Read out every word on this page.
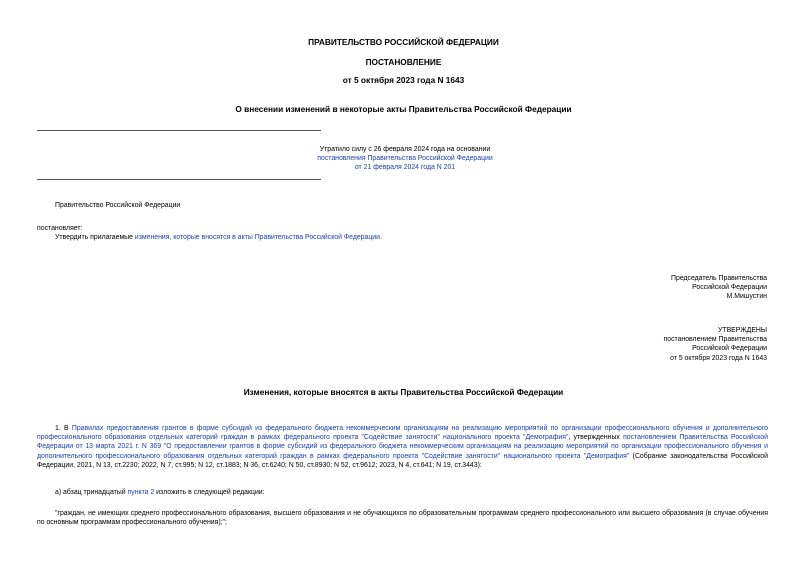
ПРАВИТЕЛЬСТВО РОССИЙСКОЙ ФЕДЕРАЦИИ
ПОСТАНОВЛЕНИЕ
от 5 октября 2023 года N 1643
О внесении изменений в некоторые акты Правительства Российской Федерации
Утратило силу с 26 февраля 2024 года на основании
постановления Правительства Российской Федерации
от 21 февраля 2024 года N 201
Правительство Российской Федерации
постановляет:
Утвердить прилагаемые изменения, которые вносятся в акты Правительства Российской Федерации.
Председатель Правительства
Российской Федерации
М.Мишустин
УТВЕРЖДЕНЫ
постановлением Правительства
Российской Федерации
от 5 октября 2023 года N 1643
Изменения, которые вносятся в акты Правительства Российской Федерации
1. В Правилах предоставления грантов в форме субсидий из федерального бюджета некоммерческим организациям на реализацию мероприятий по организации профессионального обучения и дополнительного профессионального образования отдельных категорий граждан в рамках федерального проекта "Содействие занятости" национального проекта "Демография", утвержденных постановлением Правительства Российской Федерации от 13 марта 2021 г. N 369 "О предоставлении грантов в форме субсидий из федерального бюджета некоммерческим организациям на реализацию мероприятий по организации профессионального обучения и дополнительного профессионального образования отдельных категорий граждан в рамках федерального проекта "Содействие занятости" национального проекта "Демография" (Собрание законодательства Российской Федерации, 2021, N 13, ст.2230; 2022, N 7, ст.995; N 12, ст.1883; N 36, ст.6240; N 50, ст.8930; N 52, ст.9612; 2023, N 4, ст.641; N 19, ст.3443):
а) абзац тринадцатый пункта 2 изложить в следующей редакции:
"граждан, не имеющих среднего профессионального образования, высшего образования и не обучающихся по образовательным программам среднего профессионального или высшего образования (в случае обучения по основным программам профессионального обучения);";
